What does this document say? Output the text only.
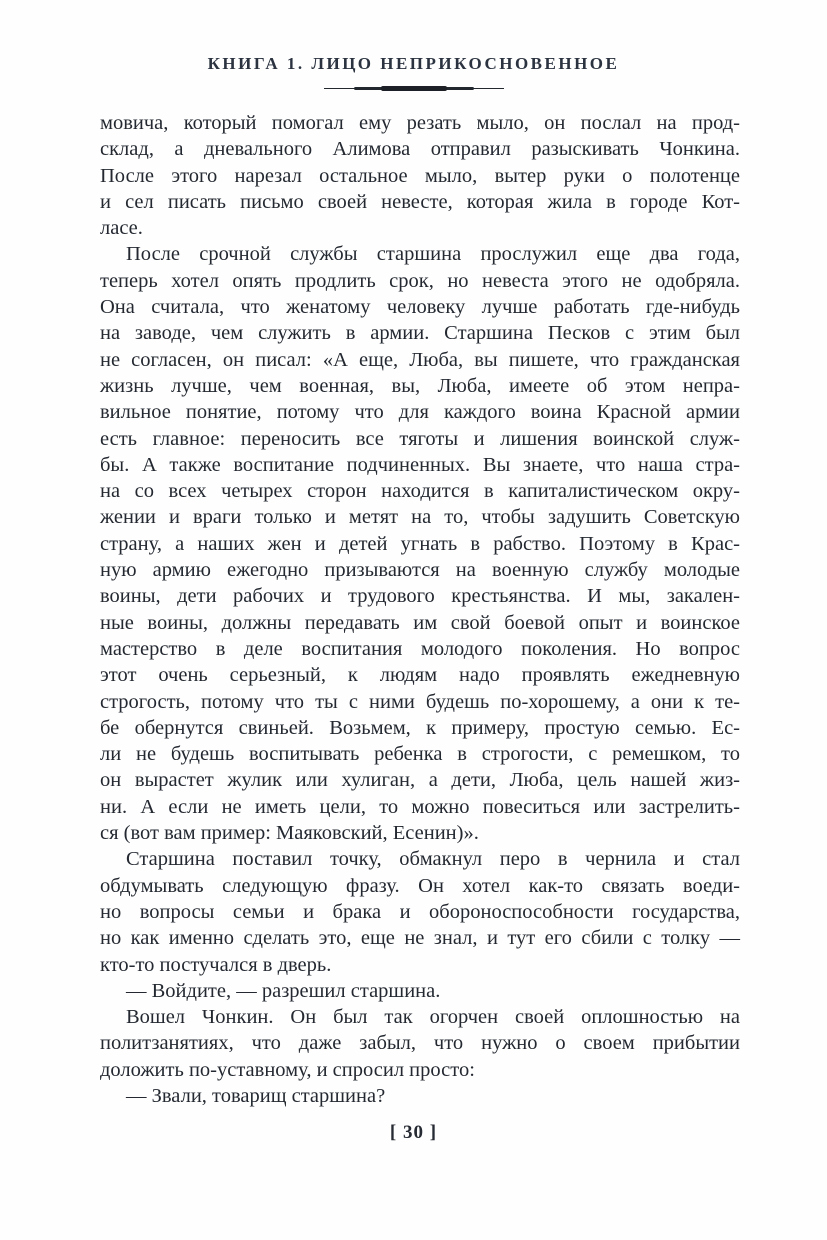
КНИГА 1. ЛИЦО НЕПРИКОСНОВЕННОЕ
мовича, который помогал ему резать мыло, он послал на прод-
склад, а дневального Алимова отправил разыскивать Чонкина.
После этого нарезал остальное мыло, вытер руки о полотенце
и сел писать письмо своей невесте, которая жила в городе Кот-
ласе.
После срочной службы старшина прослужил еще два года,
теперь хотел опять продлить срок, но невеста этого не одобряла.
Она считала, что женатому человеку лучше работать где-нибудь
на заводе, чем служить в армии. Старшина Песков с этим был
не согласен, он писал: «А еще, Люба, вы пишете, что гражданская
жизнь лучше, чем военная, вы, Люба, имеете об этом непра-
вильное понятие, потому что для каждого воина Красной армии
есть главное: переносить все тяготы и лишения воинской служ-
бы. А также воспитание подчиненных. Вы знаете, что наша стра-
на со всех четырех сторон находится в капиталистическом окру-
жении и враги только и метят на то, чтобы задушить Советскую
страну, а наших жен и детей угнать в рабство. Поэтому в Крас-
ную армию ежегодно призываются на военную службу молодые
воины, дети рабочих и трудового крестьянства. И мы, закален-
ные воины, должны передавать им свой боевой опыт и воинское
мастерство в деле воспитания молодого поколения. Но вопрос
этот очень серьезный, к людям надо проявлять ежедневную
строгость, потому что ты с ними будешь по-хорошему, а они к те-
бе обернутся свиньей. Возьмем, к примеру, простую семью. Ес-
ли не будешь воспитывать ребенка в строгости, с ремешком, то
он вырастет жулик или хулиган, а дети, Люба, цель нашей жиз-
ни. А если не иметь цели, то можно повеситься или застрелить-
ся (вот вам пример: Маяковский, Есенин)».
Старшина поставил точку, обмакнул перо в чернила и стал
обдумывать следующую фразу. Он хотел как-то связать воеди-
но вопросы семьи и брака и обороноспособности государства,
но как именно сделать это, еще не знал, и тут его сбили с толку —
кто-то постучался в дверь.
— Войдите, — разрешил старшина.
Вошел Чонкин. Он был так огорчен своей оплошностью на
политзанятиях, что даже забыл, что нужно о своем прибытии
доложить по-уставному, и спросил просто:
— Звали, товарищ старшина?
[ 30 ]
